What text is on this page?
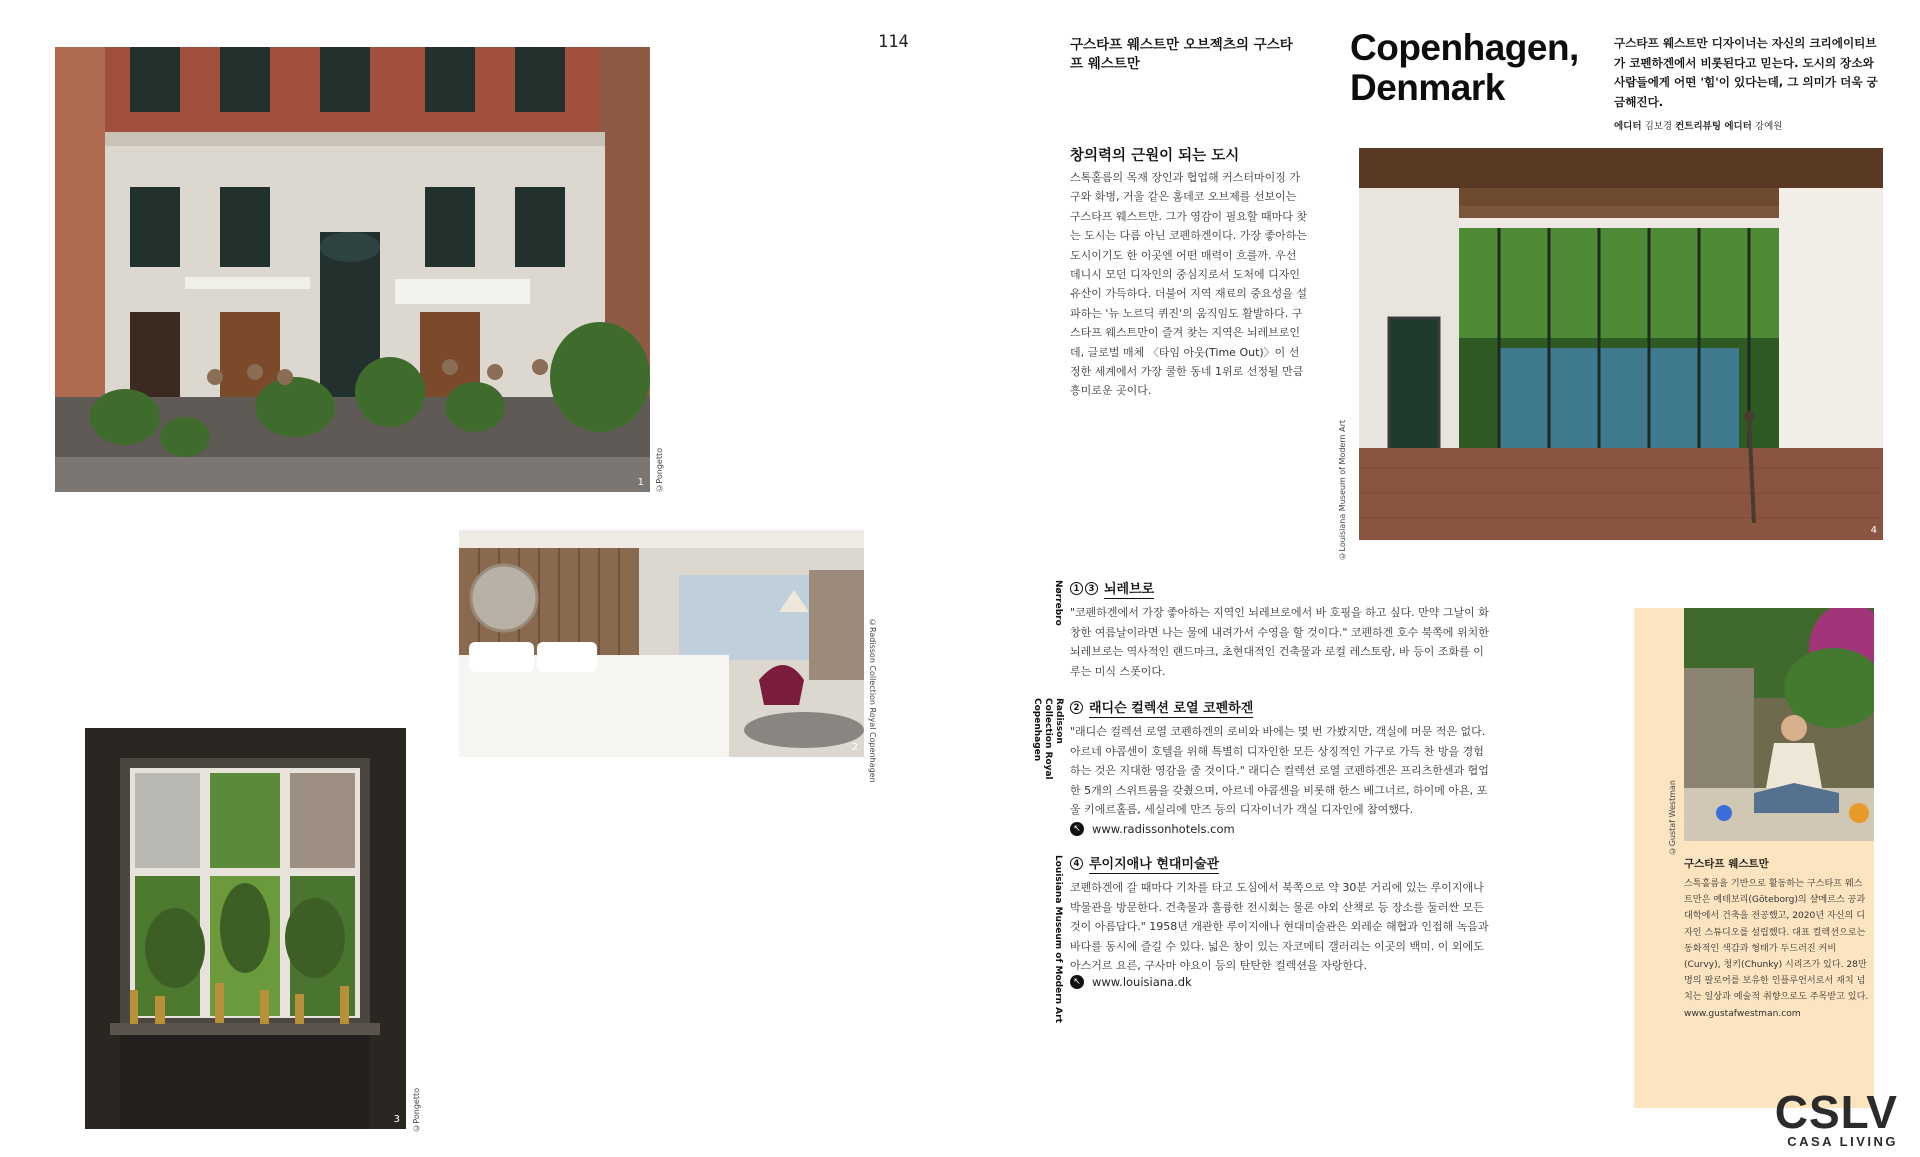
1 ©Pongetto
2 ©Radisson Collection Royal Copenhagen
3 ©Pongetto
4
©Louisiana Museum of Modern Art
114	구스타프 웨스트만 오브젝츠의 구스타프 웨스트만	Copenhagen,
Denmark
구스타프 웨스트만 디자이너는 자신의 크리에이티브가 코펜하겐에서 비롯된다고 믿는다. 도시의 장소와 사람들에게 어떤 '힘'이 있다는데, 그 의미가 더욱 궁금해진다.
에디터 김보경 컨트리뷰팅 에디터 강예원
창의력의 근원이 되는 도시
스톡홀름의 목재 장인과 협업해 커스터마이징 가구와 화병, 거울 같은 홈데코 오브제를 선보이는 구스타프 웨스트만. 그가 영감이 필요할 때마다 찾는 도시는 다름 아닌 코펜하겐이다. 가장 좋아하는 도시이기도 한 이곳엔 어떤 매력이 흐를까. 우선 데니시 모던 디자인의 중심지로서 도처에 디자인 유산이 가득하다. 더불어 지역 재료의 중요성을 설파하는 '뉴 노르딕 퀴진'의 움직임도 활발하다. 구스타프 웨스트만이 즐겨 찾는 지역은 뇌레브로인데, 글로벌 매체 〈타임 아웃(Time Out)〉이 선정한 세계에서 가장 쿨한 동네 1위로 선정될 만큼 흥미로운 곳이다.
Nørrebro	1	3 뇌레브로
"코펜하겐에서 가장 좋아하는 지역인 뇌레브로에서 바 호핑을 하고 싶다. 만약 그날이 화창한 여름날이라면 나는 물에 내려가서 수영을 할 것이다." 코펜하겐 호수 북쪽에 위치한 뇌레브로는 역사적인 랜드마크, 초현대적인 건축물과 로컬 레스토랑, 바 등이 조화를 이루는 미식 스폿이다.
Radisson Collection Royal Copenhagen	2 래디슨 컬렉션 로열 코펜하겐
"래디슨 컬렉션 로열 코펜하겐의 로비와 바에는 몇 번 가봤지만, 객실에 머문 적은 없다. 아르네 야콥센이 호텔을 위해 특별히 디자인한 모든 상징적인 가구로 가득 찬 방을 경험하는 것은 지대한 영감을 줄 것이다." 래디슨 컬렉션 로열 코펜하겐은 프리츠한센과 협업한 5개의 스위트룸을 갖췄으며, 아르네 야콥센을 비롯해 한스 베그너르, 하이메 아욘, 포울 키에르홀름, 세실리에 만즈 등의 디자이너가 객실 디자인에 참여했다.
↖ www.radissonhotels.com
Louisiana Museum of Modern Art	4 루이지애나 현대미술관
코펜하겐에 갈 때마다 기차를 타고 도심에서 북쪽으로 약 30분 거리에 있는 루이지애나 박물관을 방문한다. 건축물과 훌륭한 전시회는 물론 야외 산책로 등 장소를 둘러싼 모든 것이 아름답다." 1958년 개관한 루이지애나 현대미술관은 외레순 해협과 인접해 녹음과 바다를 동시에 즐길 수 있다. 넓은 창이 있는 자코메티 갤러리는 이곳의 백미. 이 외에도 아스거르 요른, 구사마 야요이 등의 탄탄한 컬렉션을 자랑한다.
↖ www.louisiana.dk
©Gustaf Westman
구스타프 웨스트만
스톡홀름을 기반으로 활동하는 구스타프 웨스트만은 예테보리(Göteborg)의 샬메르스 공과대학에서 건축을 전공했고, 2020년 자신의 디자인 스튜디오를 설립했다. 대표 컬렉션으로는 동화적인 색감과 형태가 두드러진 커비(Curvy), 청키(Chunky) 시리즈가 있다. 28만 명의 팔로어를 보유한 인플루언서로서 재치 넘치는 일상과 예술적 취향으로도 주목받고 있다.
www.gustafwestman.com
CSLV
CASA LIVING
